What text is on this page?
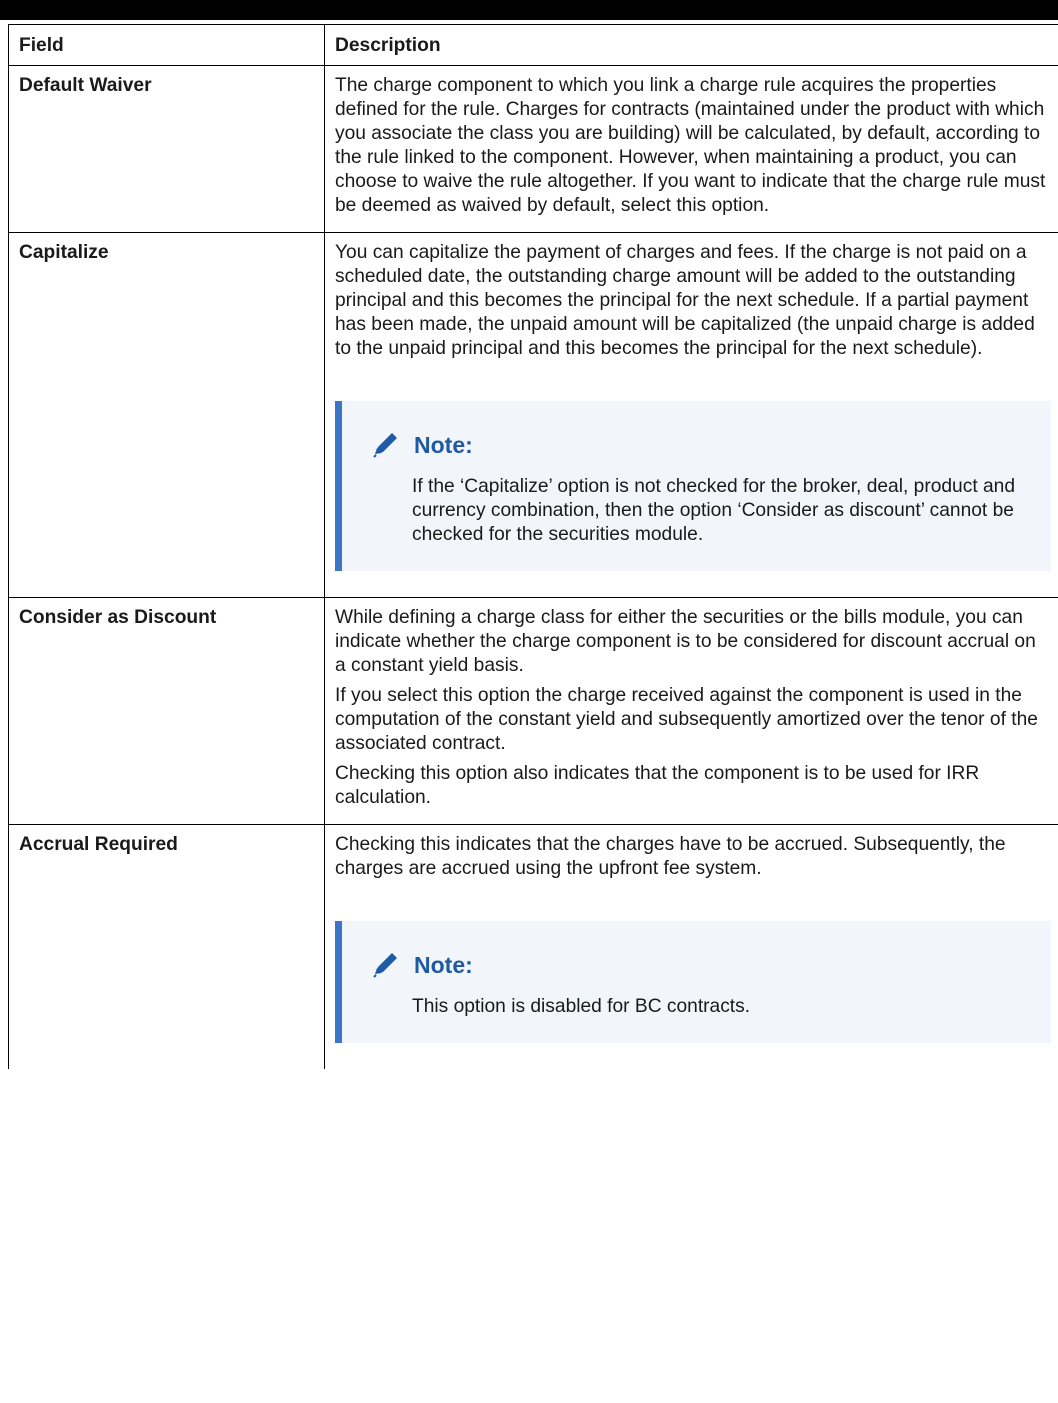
Field	Description
Default Waiver	The charge component to which you link a charge rule acquires the properties defined for the rule. Charges for contracts (maintained under the product with which you associate the class you are building) will be calculated, by default, according to the rule linked to the component. However, when maintaining a product, you can choose to waive the rule altogether. If you want to indicate that the charge rule must be deemed as waived by default, select this option.

Capitalize	You can capitalize the payment of charges and fees. If the charge is not paid on a scheduled date, the outstanding charge amount will be added to the outstanding principal and this becomes the principal for the next schedule. If a partial payment has been made, the unpaid amount will be capitalized (the unpaid charge is added to the unpaid principal and this becomes the principal for the next schedule).

Note:
If the ‘Capitalize’ option is not checked for the broker, deal, product and currency combination, then the option ‘Consider as discount’ cannot be checked for the securities module.

Consider as Discount	While defining a charge class for either the securities or the bills module, you can indicate whether the charge component is to be considered for discount accrual on a constant yield basis.

If you select this option the charge received against the component is used in the computation of the constant yield and subsequently amortized over the tenor of the associated contract.

Checking this option also indicates that the component is to be used for IRR calculation.

Accrual Required	Checking this indicates that the charges have to be accrued. Subsequently, the charges are accrued using the upfront fee system.

Note:
This option is disabled for BC contracts.
